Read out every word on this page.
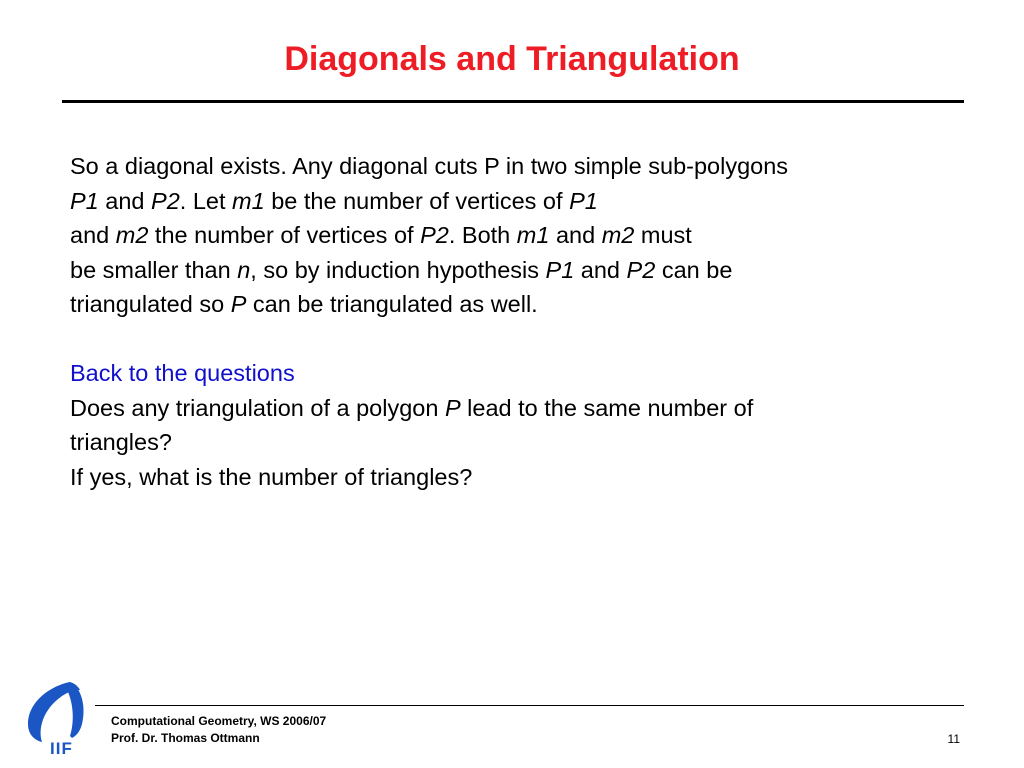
Diagonals and Triangulation

So a diagonal exists. Any diagonal cuts P in two simple sub-polygons

P1 and P2. Let m1 be the number of vertices of P1

and m2 the number of vertices of P2. Both m1 and m2 must

be smaller than n, so by induction hypothesis P1 and P2 can be

triangulated so P can be triangulated as well.

Back to the questions

Does any triangulation of a polygon P lead to the same number of

triangles?

If yes, what is the number of triangles?

IIF
Computational Geometry, WS 2006/07
Prof. Dr. Thomas Ottmann	11
